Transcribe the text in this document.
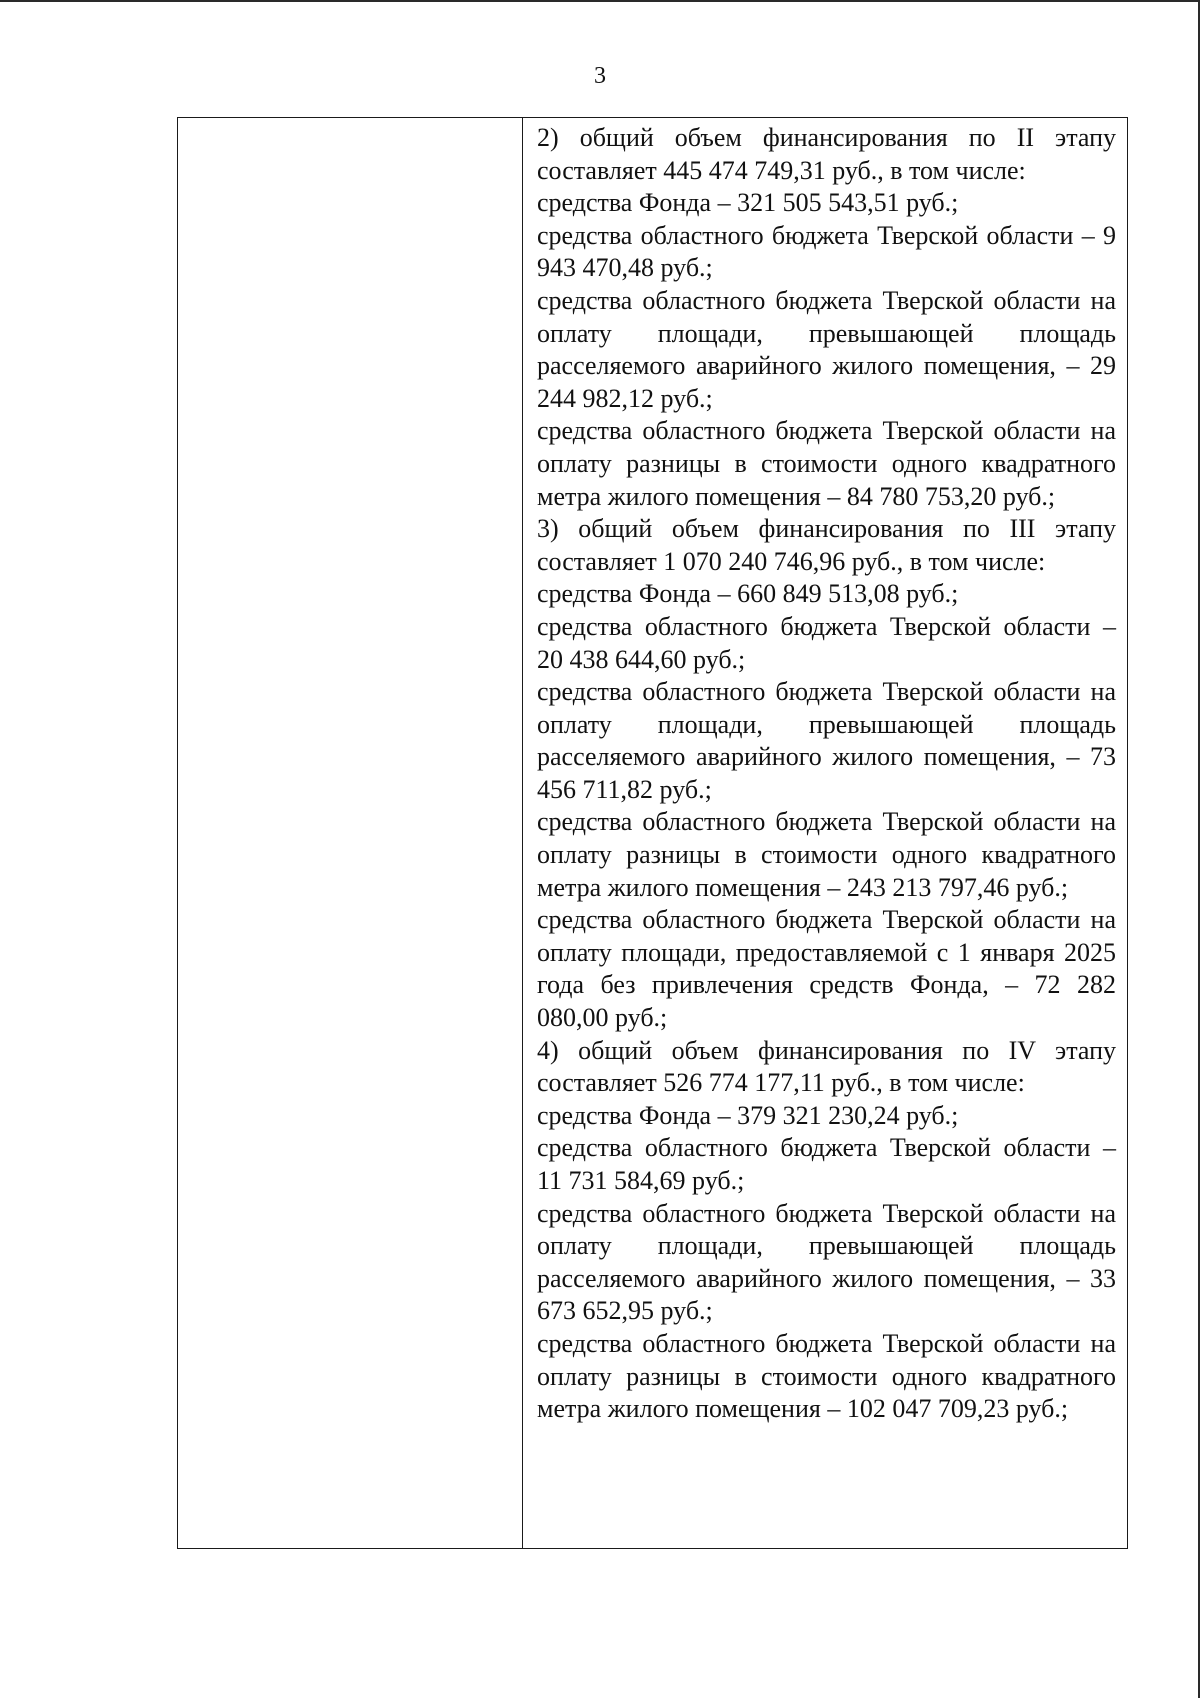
3

2) общий объем финансирования по II этапу составляет 445 474 749,31 руб., в том числе:

средства Фонда – 321 505 543,51 руб.;

средства областного бюджета Тверской области – 9 943 470,48 руб.;

средства областного бюджета Тверской области на оплату площади, превышающей площадь расселяемого аварийного жилого помещения, – 29 244 982,12 руб.;

средства областного бюджета Тверской области на оплату разницы в стоимости одного квадратного метра жилого помещения – 84 780 753,20 руб.;

3) общий объем финансирования по III этапу составляет 1 070 240 746,96 руб., в том числе:

средства Фонда – 660 849 513,08 руб.;

средства областного бюджета Тверской области – 20 438 644,60 руб.;

средства областного бюджета Тверской области на оплату площади, превышающей площадь расселяемого аварийного жилого помещения, – 73 456 711,82 руб.;

средства областного бюджета Тверской области на оплату разницы в стоимости одного квадратного метра жилого помещения – 243 213 797,46 руб.;

средства областного бюджета Тверской области на оплату площади, предоставляемой с 1 января 2025 года без привлечения средств Фонда, – 72 282 080,00 руб.;

4) общий объем финансирования по IV этапу составляет 526 774 177,11 руб., в том числе:

средства Фонда – 379 321 230,24 руб.;

средства областного бюджета Тверской области – 11 731 584,69 руб.;

средства областного бюджета Тверской области на оплату площади, превышающей площадь расселяемого аварийного жилого помещения, – 33 673 652,95 руб.;

средства областного бюджета Тверской области на оплату разницы в стоимости одного квадратного метра жилого помещения – 102 047 709,23 руб.;
